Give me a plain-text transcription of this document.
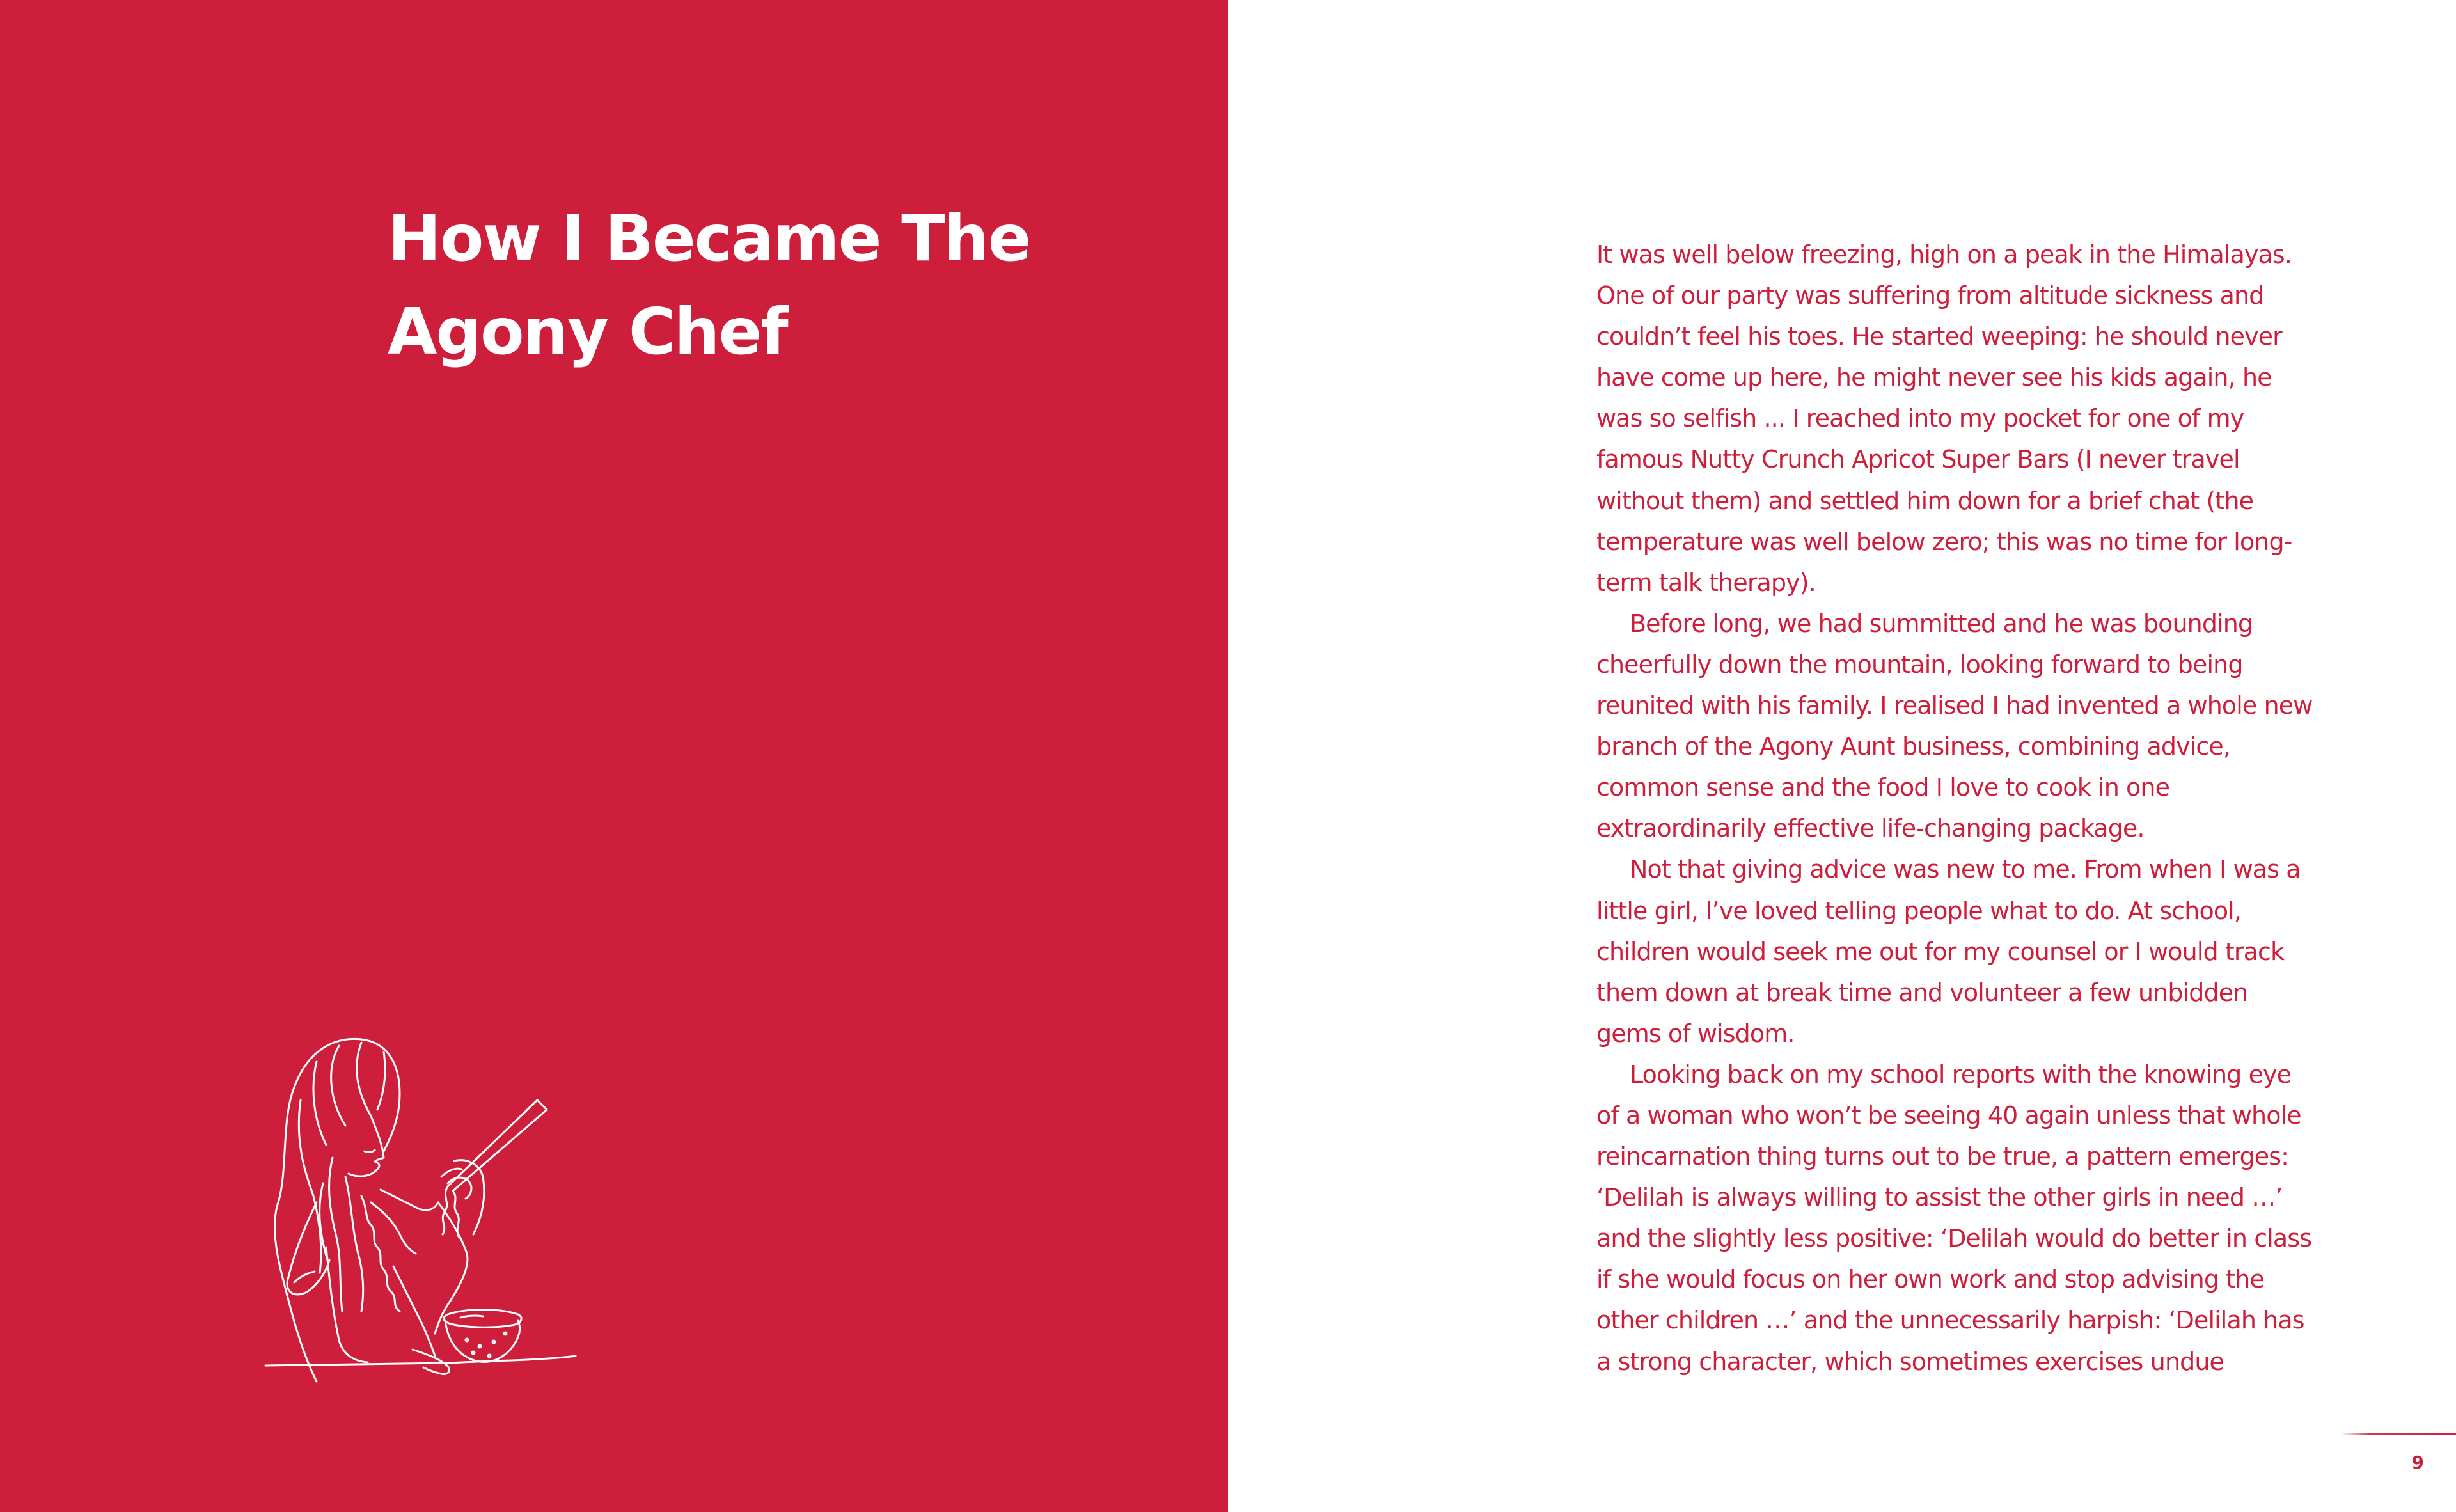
How I Became The
Agony Chef

It was well below freezing, high on a peak in the Himalayas. One of our party was suffering from altitude sickness and couldn’t feel his toes. He started weeping: he should never have come up here, he might never see his kids again, he was so selfish ... I reached into my pocket for one of my famous Nutty Crunch Apricot Super Bars (I never travel without them) and settled him down for a brief chat (the temperature was well below zero; this was no time for long-term talk therapy).

Before long, we had summitted and he was bounding cheerfully down the mountain, looking forward to being reunited with his family. I realised I had invented a whole new branch of the Agony Aunt business, combining advice, common sense and the food I love to cook in one extraordinarily effective life-changing package.

Not that giving advice was new to me. From when I was a little girl, I’ve loved telling people what to do. At school, children would seek me out for my counsel or I would track them down at break time and volunteer a few unbidden gems of wisdom.

Looking back on my school reports with the knowing eye of a woman who won’t be seeing 40 again unless that whole reincarnation thing turns out to be true, a pattern emerges: ‘Delilah is always willing to assist the other girls in need …’ and the slightly less positive: ‘Delilah would do better in class if she would focus on her own work and stop advising the other children …’ and the unnecessarily harpish: ‘Delilah has a strong character, which sometimes exercises undue

9
